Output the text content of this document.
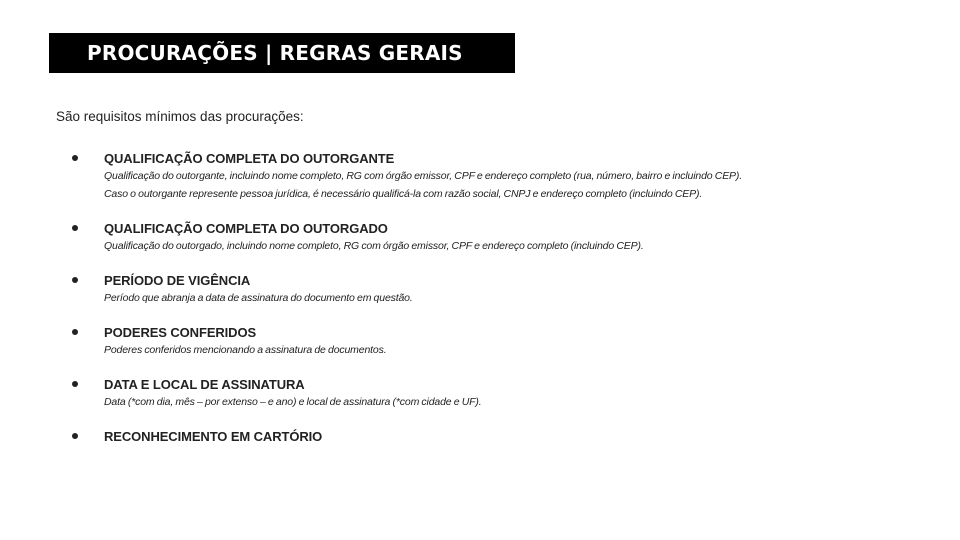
PROCURAÇÕES | REGRAS GERAIS
São requisitos mínimos das procurações:
QUALIFICAÇÃO COMPLETA DO OUTORGANTE
Qualificação do outorgante, incluindo nome completo, RG com órgão emissor, CPF e endereço completo (rua, número, bairro e incluindo CEP).
Caso o outorgante represente pessoa jurídica, é necessário qualificá-la com razão social, CNPJ e endereço completo (incluindo CEP).
QUALIFICAÇÃO COMPLETA DO OUTORGADO
Qualificação do outorgado, incluindo nome completo, RG com órgão emissor, CPF e endereço completo (incluindo CEP).
PERÍODO DE VIGÊNCIA
Período que abranja a data de assinatura do documento em questão.
PODERES CONFERIDOS
Poderes conferidos mencionando a assinatura de documentos.
DATA E LOCAL DE ASSINATURA
Data (*com dia, mês – por extenso – e ano) e local de assinatura (*com cidade e UF).
RECONHECIMENTO EM CARTÓRIO
